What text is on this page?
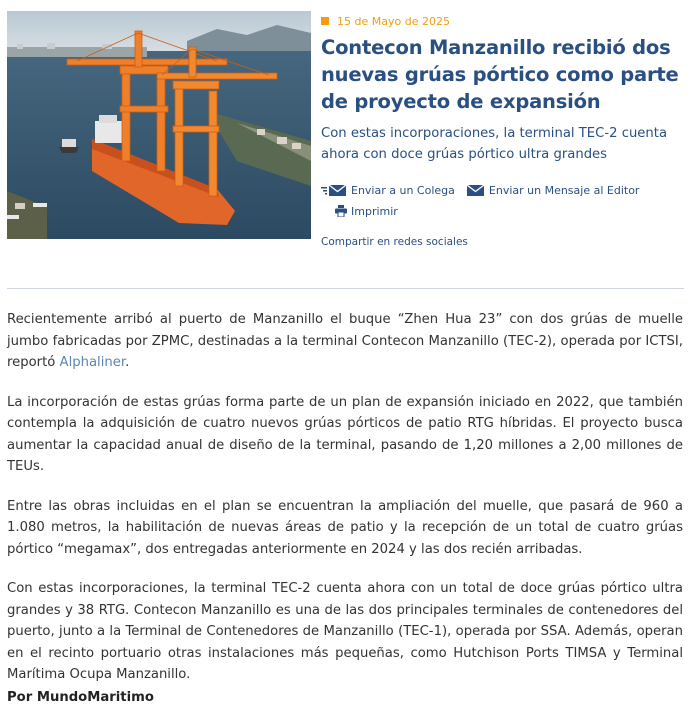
15 de Mayo de 2025
Contecon Manzanillo recibió dos nuevas grúas pórtico como parte de proyecto de expansión

Con estas incorporaciones, la terminal TEC-2 cuenta ahora con doce grúas pórtico ultra grandes

Enviar a un Colega	Enviar un Mensaje al Editor
Imprimir
Compartir en redes sociales

Recientemente arribó al puerto de Manzanillo el buque “Zhen Hua 23” con dos grúas de muelle jumbo fabricadas por ZPMC, destinadas a la terminal Contecon Manzanillo (TEC-2), operada por ICTSI, reportó Alphaliner.

La incorporación de estas grúas forma parte de un plan de expansión iniciado en 2022, que también contempla la adquisición de cuatro nuevos grúas pórticos de patio RTG híbridas. El proyecto busca aumentar la capacidad anual de diseño de la terminal, pasando de 1,20 millones a 2,00 millones de TEUs.

Entre las obras incluidas en el plan se encuentran la ampliación del muelle, que pasará de 960 a 1.080 metros, la habilitación de nuevas áreas de patio y la recepción de un total de cuatro grúas pórtico “megamax”, dos entregadas anteriormente en 2024 y las dos recién arribadas.

Con estas incorporaciones, la terminal TEC-2 cuenta ahora con un total de doce grúas pórtico ultra grandes y 38 RTG. Contecon Manzanillo es una de las dos principales terminales de contenedores del puerto, junto a la Terminal de Contenedores de Manzanillo (TEC-1), operada por SSA. Además, operan en el recinto portuario otras instalaciones más pequeñas, como Hutchison Ports TIMSA y Terminal Marítima Ocupa Manzanillo.

Por MundoMaritimo
